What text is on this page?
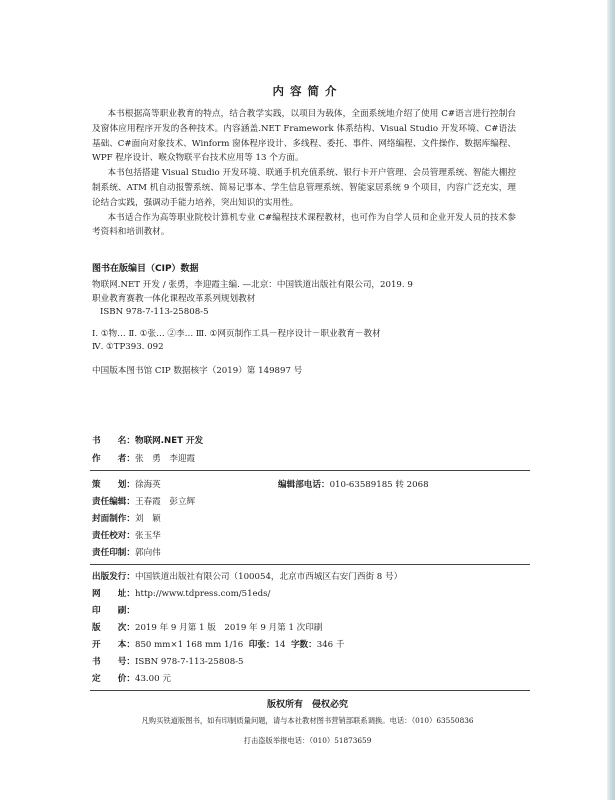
内容简介

本书根据高等职业教育的特点，结合教学实践，以项目为载体，全面系统地介绍了使用 C#语言进行控制台及窗体应用程序开发的各种技术。内容涵盖.NET Framework 体系结构、Visual Studio 开发环境、C#语法基础、C#面向对象技术、Winform 窗体程序设计、多线程、委托、事件、网络编程、文件操作、数据库编程、WPF 程序设计、喉众物联平台技术应用等 13 个方面。

本书包括搭建 Visual Studio 开发环境、联通手机充值系统、银行卡开户管理、会员管理系统、智能大棚控制系统、ATM 机自动报警系统、简易记事本、学生信息管理系统、智能家居系统 9 个项目，内容广泛充实，理论结合实践，强调动手能力培养，突出知识的实用性。

本书适合作为高等职业院校计算机专业 C#编程技术课程教材，也可作为自学人员和企业开发人员的技术参考资料和培训教材。

图书在版编目（CIP）数据
物联网.NET 开发 / 张勇，李迎霞主编. —北京：中国铁道出版社有限公司，2019. 9
职业教育赛教一体化课程改革系列规划教材
ISBN 978-7-113-25808-5
Ⅰ. ①物… Ⅱ. ①张… ②李… Ⅲ. ①网页制作工具－程序设计－职业教育－教材
Ⅳ. ①TP393. 092
中国版本图书馆 CIP 数据核字（2019）第 149897 号
书　　名：物联网.NET 开发
作　　者：张　勇　李迎霞
策　　划：徐海英	编辑部电话：010-63589185 转 2068
责任编辑：王春霞　彭立辉
封面制作：刘　颖
责任校对：张玉华
责任印制：郭向伟
出版发行：中国铁道出版社有限公司（100054，北京市西城区右安门西街 8 号）
网　　址：http://www.tdpress.com/51eds/
印　　刷：
版　　次：2019 年 9 月第 1 版　2019 年 9 月第 1 次印刷
开　　本：850 mm×1 168 mm 1/16 印张：14 字数：346 千
书　　号：ISBN 978-7-113-25808-5
定　　价：43.00 元
版权所有　侵权必究
凡购买铁道版图书，如有印制质量问题，请与本社教材图书营销部联系调换。电话：（010）63550836
打击盗版举报电话：（010）51873659
